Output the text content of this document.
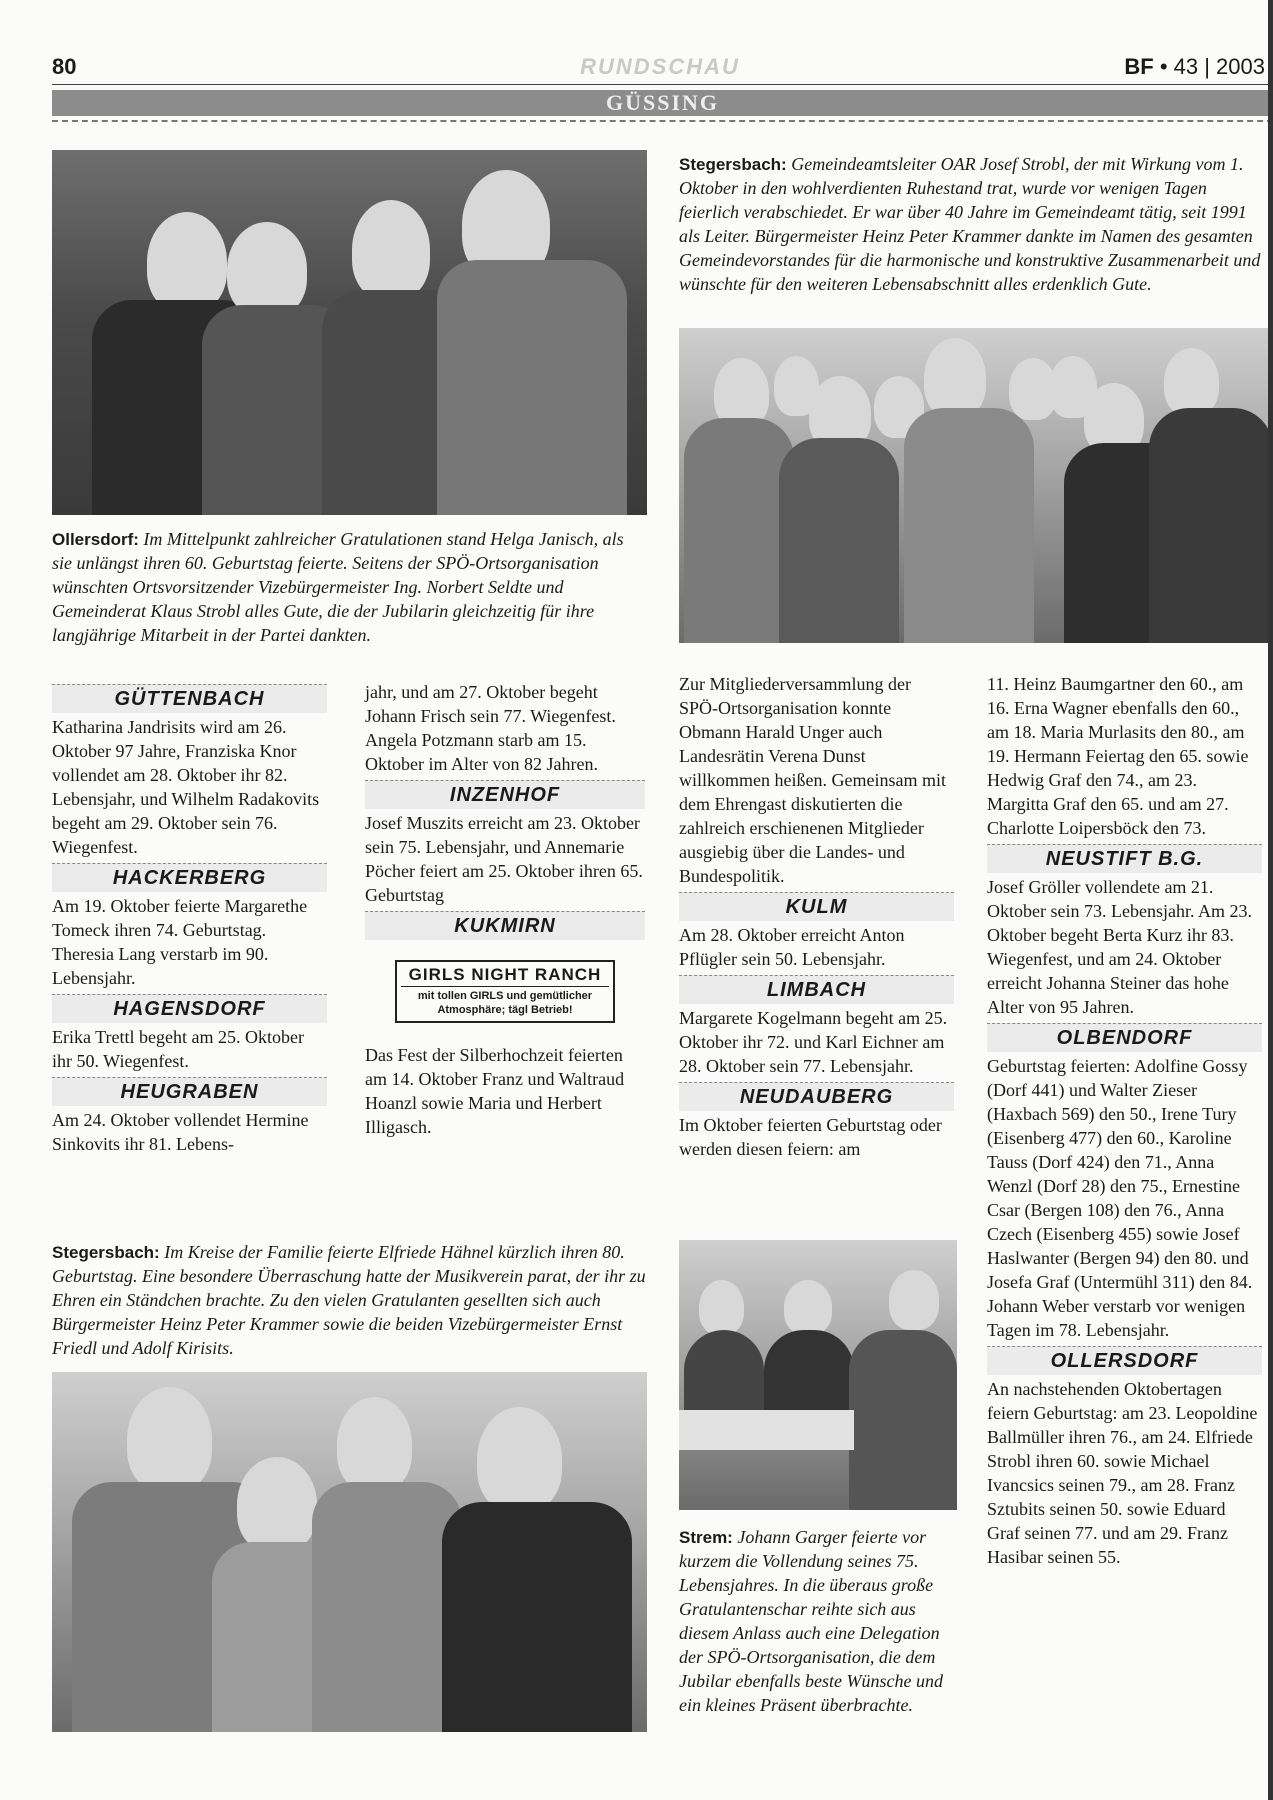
80	RUNDSCHAU	BF • 43 | 2003
GÜSSING
Ollersdorf: Im Mittelpunkt zahlreicher Gratulationen stand Helga Janisch, als sie unlängst ihren 60. Geburtstag feierte. Seitens der SPÖ-Ortsorganisation wünschten Ortsvorsitzender Vizebürgermeister Ing. Norbert Seldte und Gemeinderat Klaus Strobl alles Gute, die der Jubilarin gleichzeitig für ihre langjährige Mitarbeit in der Partei dankten.
Stegersbach: Gemeindeamtsleiter OAR Josef Strobl, der mit Wirkung vom 1. Oktober in den wohlverdienten Ruhestand trat, wurde vor wenigen Tagen feierlich verabschiedet. Er war über 40 Jahre im Gemeindeamt tätig, seit 1991 als Leiter. Bürgermeister Heinz Peter Krammer dankte im Namen des gesamten Gemeindevorstandes für die harmonische und konstruktive Zusammenarbeit und wünschte für den weiteren Lebensabschnitt alles erdenklich Gute.
GÜTTENBACH

Katharina Jandrisits wird am 26. Oktober 97 Jahre, Franziska Knor vollendet am 28. Oktober ihr 82. Lebensjahr, und Wilhelm Radakovits begeht am 29. Oktober sein 76. Wiegenfest.

HACKERBERG

Am 19. Oktober feierte Margarethe Tomeck ihren 74. Geburtstag.

Theresia Lang verstarb im 90. Lebensjahr.

HAGENSDORF

Erika Trettl begeht am 25. Oktober ihr 50. Wiegenfest.

HEUGRABEN

Am 24. Oktober vollendet Hermine Sinkovits ihr 81. Lebens-

jahr, und am 27. Oktober begeht Johann Frisch sein 77. Wiegenfest.

Angela Potzmann starb am 15. Oktober im Alter von 82 Jahren.

INZENHOF

Josef Muszits erreicht am 23. Oktober sein 75. Lebensjahr, und Annemarie Pöcher feiert am 25. Oktober ihren 65. Geburtstag

KUKMIRN
GIRLS NIGHT RANCH
mit tollen GIRLS und gemütlicher
Atmosphäre; tägl Betrieb!

Das Fest der Silberhochzeit feierten am 14. Oktober Franz und Waltraud Hoanzl sowie Maria und Herbert Illigasch.

Zur Mitgliederversammlung der SPÖ-Ortsorganisation konnte Obmann Harald Unger auch Landesrätin Verena Dunst willkommen heißen. Gemeinsam mit dem Ehrengast diskutierten die zahlreich erschienenen Mitglieder ausgiebig über die Landes- und Bundespolitik.

KULM

Am 28. Oktober erreicht Anton Pflügler sein 50. Lebensjahr.

LIMBACH

Margarete Kogelmann begeht am 25. Oktober ihr 72. und Karl Eichner am 28. Oktober sein 77. Lebensjahr.

NEUDAUBERG

Im Oktober feierten Geburtstag oder werden diesen feiern: am

11. Heinz Baumgartner den 60., am 16. Erna Wagner ebenfalls den 60., am 18. Maria Murlasits den 80., am 19. Hermann Feiertag den 65. sowie Hedwig Graf den 74., am 23. Margitta Graf den 65. und am 27. Charlotte Loipersböck den 73.

NEUSTIFT B.G.

Josef Gröller vollendete am 21. Oktober sein 73. Lebensjahr. Am 23. Oktober begeht Berta Kurz ihr 83. Wiegenfest, und am 24. Oktober erreicht Johanna Steiner das hohe Alter von 95 Jahren.

OLBENDORF

Geburtstag feierten: Adolfine Gossy (Dorf 441) und Walter Zieser (Haxbach 569) den 50., Irene Tury (Eisenberg 477) den 60., Karoline Tauss (Dorf 424) den 71., Anna Wenzl (Dorf 28) den 75., Ernestine Csar (Bergen 108) den 76., Anna Czech (Eisenberg 455) sowie Josef Haslwanter (Bergen 94) den 80. und Josefa Graf (Untermühl 311) den 84.

Johann Weber verstarb vor wenigen Tagen im 78. Lebensjahr.

OLLERSDORF

An nachstehenden Oktobertagen feiern Geburtstag: am 23. Leopoldine Ballmüller ihren 76., am 24. Elfriede Strobl ihren 60. sowie Michael Ivancsics seinen 79., am 28. Franz Sztubits seinen 50. sowie Eduard Graf seinen 77. und am 29. Franz Hasibar seinen 55.

Stegersbach: Im Kreise der Familie feierte Elfriede Hähnel kürzlich ihren 80. Geburtstag. Eine besondere Überraschung hatte der Musikverein parat, der ihr zu Ehren ein Ständchen brachte. Zu den vielen Gratulanten gesellten sich auch Bürgermeister Heinz Peter Krammer sowie die beiden Vizebürgermeister Ernst Friedl und Adolf Kirisits.
Strem: Johann Garger feierte vor kurzem die Vollendung seines 75. Lebensjahres. In die überaus große Gratulantenschar reihte sich aus diesem Anlass auch eine Delegation der SPÖ-Ortsorganisation, die dem Jubilar ebenfalls beste Wünsche und ein kleines Präsent überbrachte.
